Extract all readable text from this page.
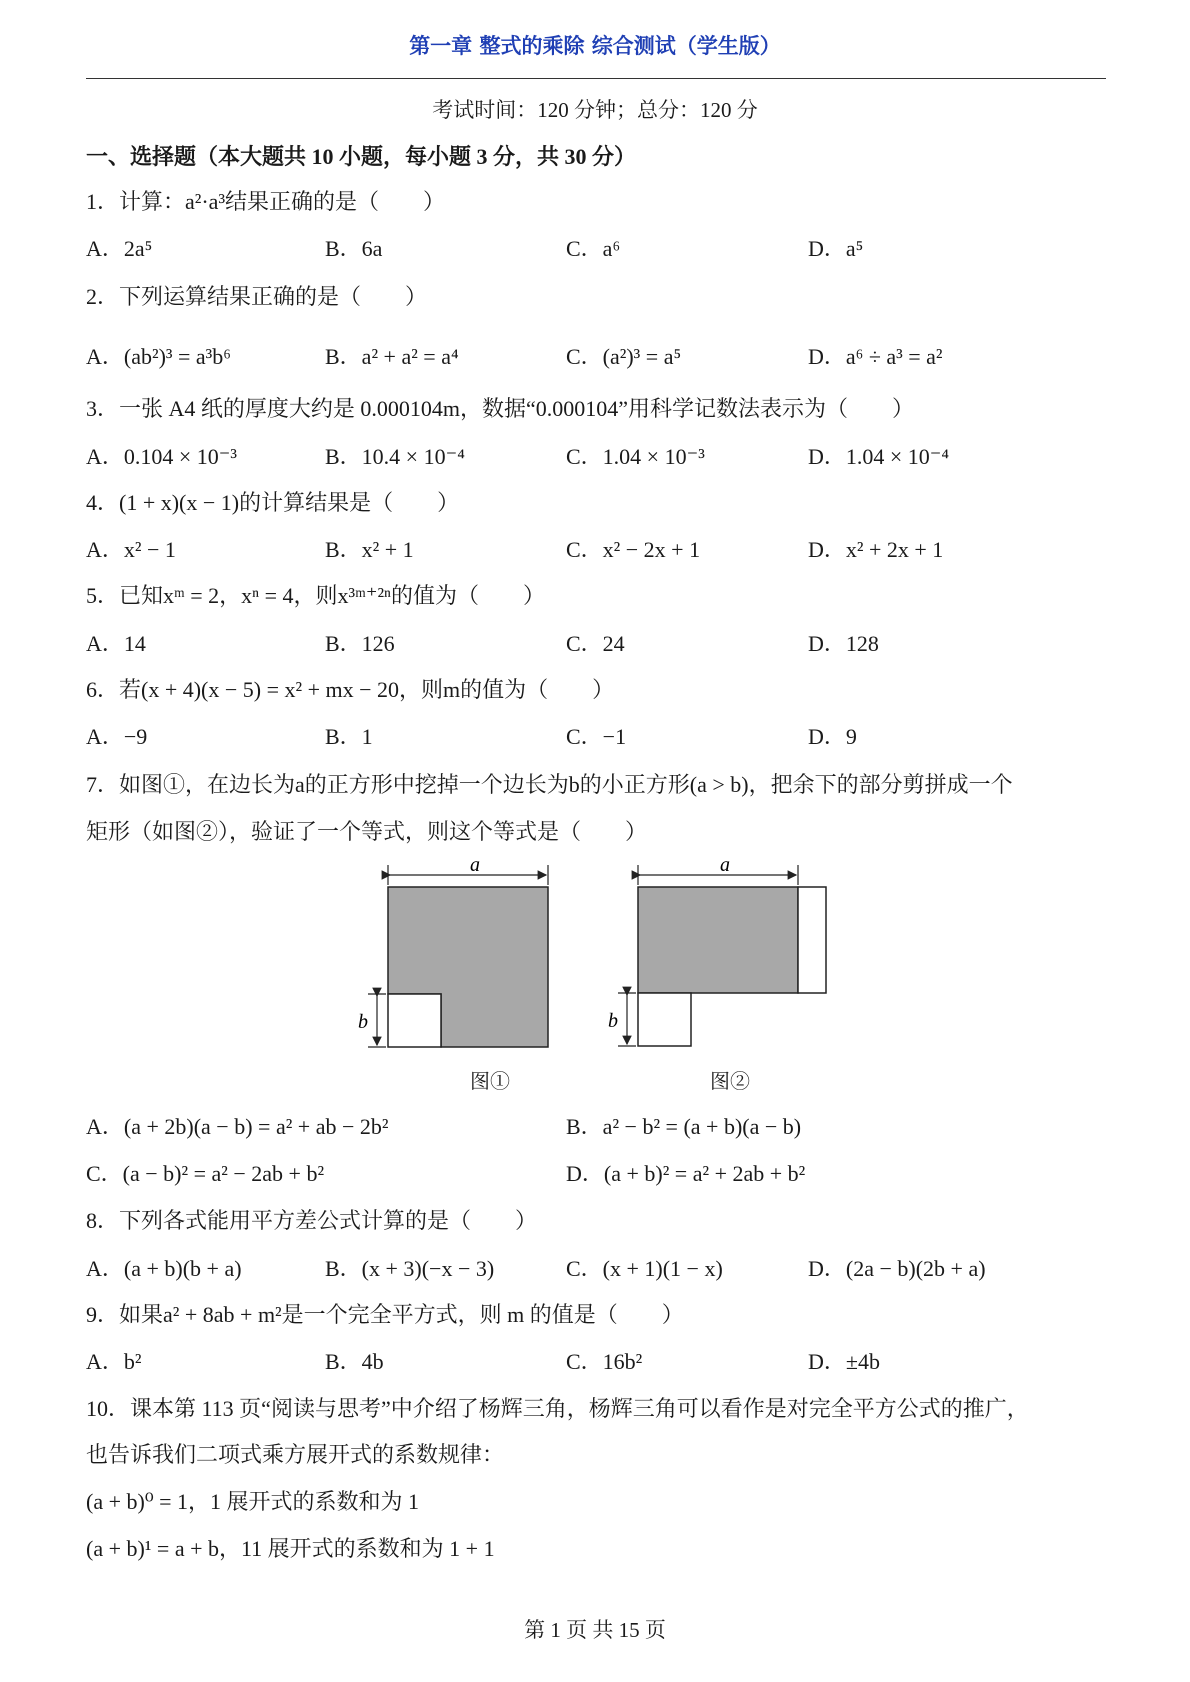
第一章 整式的乘除 综合测试（学生版）
考试时间：120 分钟；总分：120 分
一、选择题（本大题共 10 小题，每小题 3 分，共 30 分）
1．计算：a²·a³结果正确的是（　　）
A．2a⁵	B．6a	C．a⁶	D．a⁵
2．下列运算结果正确的是（　　）
A．(ab²)³ = a³b⁶	B．a² + a² = a⁴	C．(a²)³ = a⁵	D．a⁶ ÷ a³ = a²
3．一张 A4 纸的厚度大约是 0.000104m，数据“0.000104”用科学记数法表示为（　　）
A．0.104 × 10⁻³	B．10.4 × 10⁻⁴	C．1.04 × 10⁻³	D．1.04 × 10⁻⁴
4．(1 + x)(x − 1)的计算结果是（　　）
A．x² − 1	B．x² + 1	C．x² − 2x + 1	D．x² + 2x + 1
5．已知xᵐ = 2，xⁿ = 4，则x³ᵐ⁺²ⁿ的值为（　　）
A．14	B．126	C．24	D．128
6．若(x + 4)(x − 5) = x² + mx − 20，则m的值为（　　）
A．−9	B．1	C．−1	D．9
7．如图①，在边长为a的正方形中挖掉一个边长为b的小正方形(a > b)，把余下的部分剪拼成一个
矩形（如图②），验证了一个等式，则这个等式是（　　）
a
b
a
b
图①	图②
A．(a + 2b)(a − b) = a² + ab − 2b²	B．a² − b² = (a + b)(a − b)
C．(a − b)² = a² − 2ab + b²	D．(a + b)² = a² + 2ab + b²
8．下列各式能用平方差公式计算的是（　　）
A．(a + b)(b + a)	B．(x + 3)(−x − 3)	C．(x + 1)(1 − x)	D．(2a − b)(2b + a)
9．如果a² + 8ab + m²是一个完全平方式，则 m 的值是（　　）
A．b²	B．4b	C．16b²	D．±4b
10．课本第 113 页“阅读与思考”中介绍了杨辉三角，杨辉三角可以看作是对完全平方公式的推广，
也告诉我们二项式乘方展开式的系数规律：
(a + b)⁰ = 1，1 展开式的系数和为 1
(a + b)¹ = a + b，11 展开式的系数和为 1 + 1
第 1 页 共 15 页
